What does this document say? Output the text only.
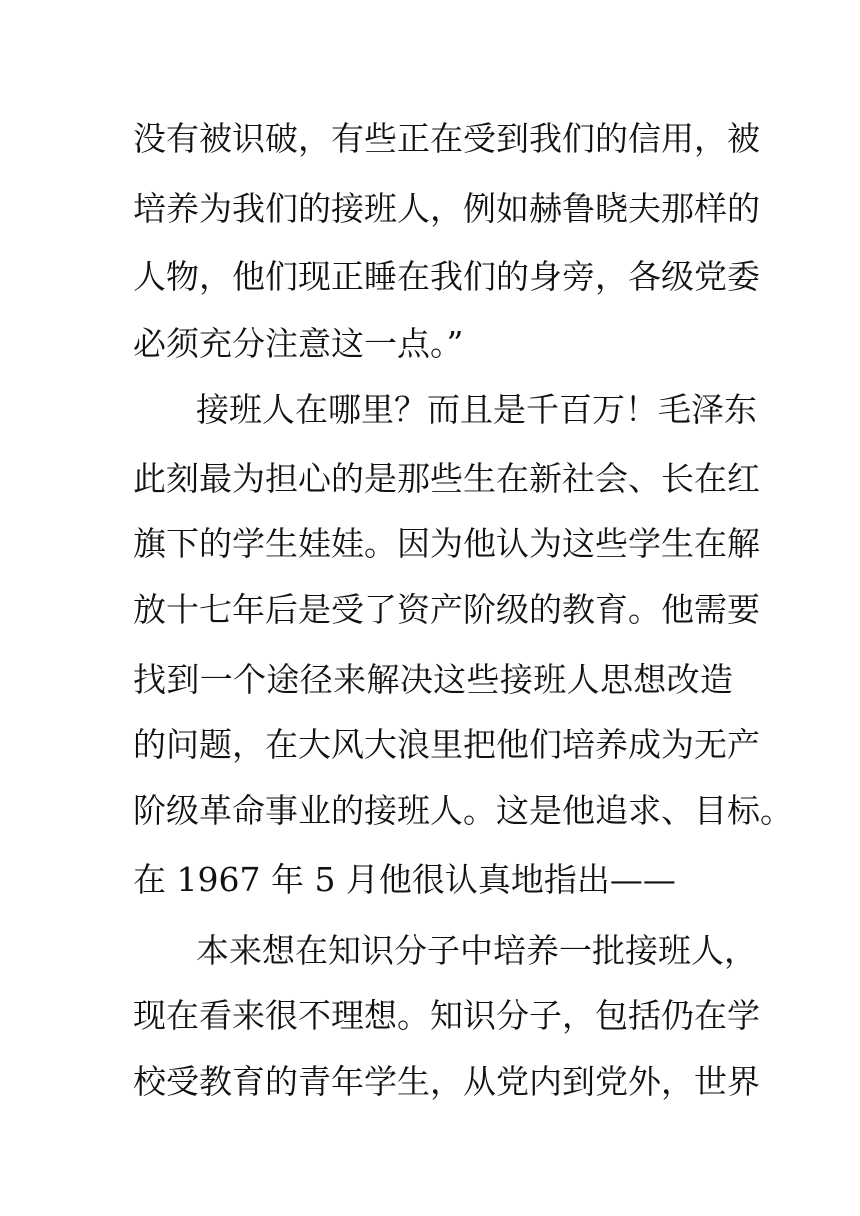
没有被识破，有些正在受到我们的信用，被
培养为我们的接班人，例如赫鲁晓夫那样的
人物，他们现正睡在我们的身旁，各级党委
必须充分注意这一点。”
接班人在哪里？而且是千百万！毛泽东
此刻最为担心的是那些生在新社会、长在红
旗下的学生娃娃。因为他认为这些学生在解
放十七年后是受了资产阶级的教育。他需要
找到一个途径来解决这些接班人思想改造
的问题，在大风大浪里把他们培养成为无产
阶级革命事业的接班人。这是他追求、目标。
在 1967 年 5 月他很认真地指出——
本来想在知识分子中培养一批接班人，
现在看来很不理想。知识分子，包括仍在学
校受教育的青年学生，从党内到党外，世界
